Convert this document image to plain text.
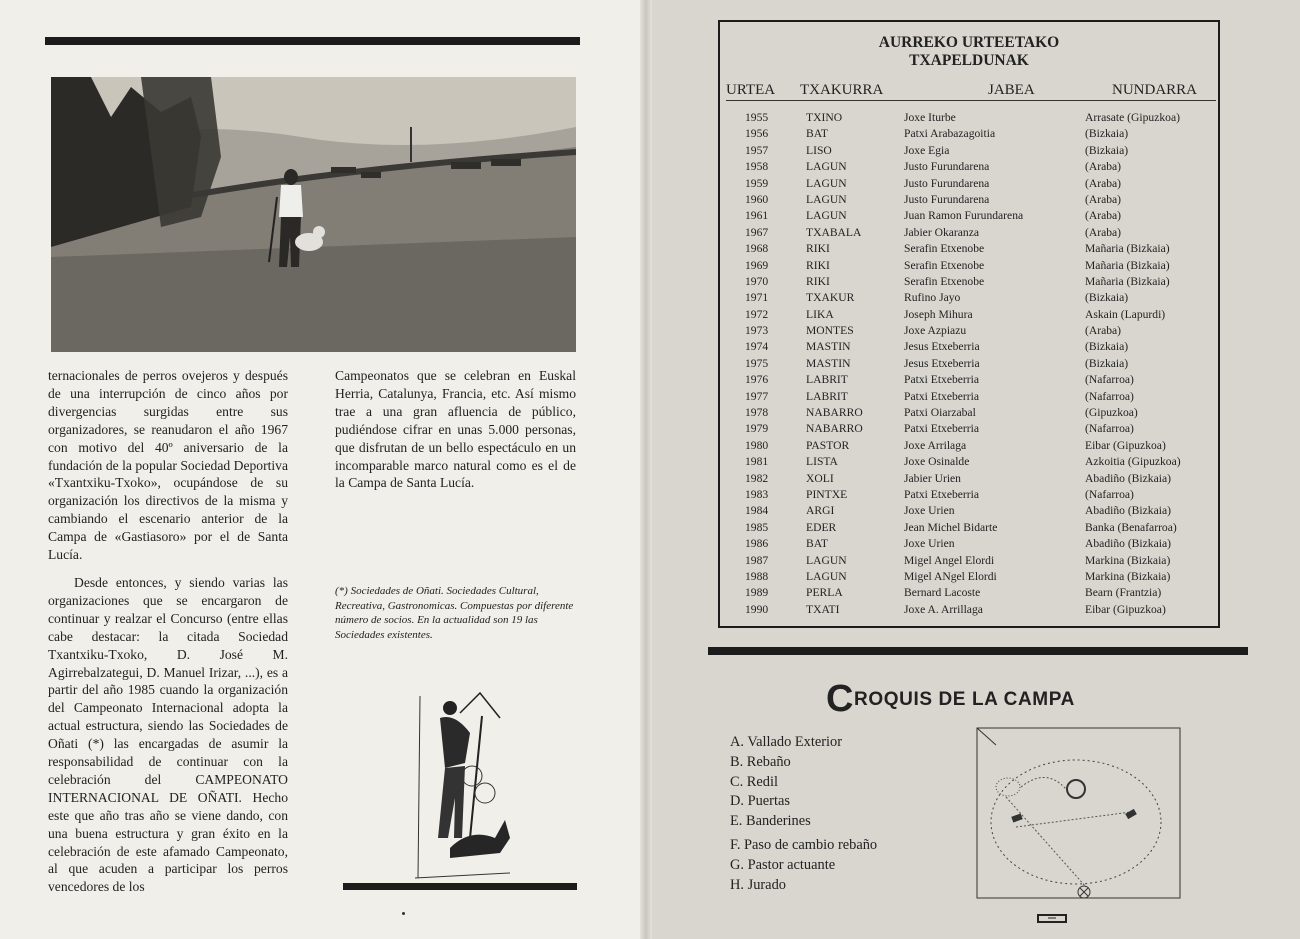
ternacionales de perros ovejeros y después de una interrupción de cinco años por divergencias surgidas entre sus organizadores, se reanudaron el año 1967 con motivo del 40º aniversario de la fundación de la popular Sociedad Deportiva «Txantxiku-Txoko», ocupándose de su organización los directivos de la misma y cambiando el escenario anterior de la Campa de «Gastiasoro» por el de Santa Lucía.

Desde entonces, y siendo varias las organizaciones que se encargaron de continuar y realzar el Concurso (entre ellas cabe destacar: la citada Sociedad Txantxiku-Txoko, D. José M. Agirrebalzategui, D. Manuel Irizar, ...), es a partir del año 1985 cuando la organización del Campeonato Internacional adopta la actual estructura, siendo las Sociedades de Oñati (*) las encargadas de asumir la responsabilidad de continuar con la celebración del CAMPEONATO INTERNACIONAL DE OÑATI. Hecho este que año tras año se viene dando, con una buena estructura y gran éxito en la celebración de este afamado Campeonato, al que acuden a participar los perros vencedores de los

Campeonatos que se celebran en Euskal Herria, Catalunya, Francia, etc. Así mismo trae a una gran afluencia de público, pudiéndose cifrar en unas 5.000 personas, que disfrutan de un bello espectáculo en un incomparable marco natural como es el de la Campa de Santa Lucía.

(*) Sociedades de Oñati. Sociedades Cultural, Recreativa, Gastronomicas. Compuestas por diferente número de socios. En la actualidad son 19 las Sociedades existentes.
AURREKO URTEETAKO
TXAPELDUNAK
URTEA TXAKURRA	JABEA	NUNDARRA
1955	TXINO	Joxe Iturbe	Arrasate (Gipuzkoa)
1956	BAT	Patxi Arabazagoitia	(Bizkaia)
1957	LISO	Joxe Egia	(Bizkaia)
1958	LAGUN	Justo Furundarena	(Araba)
1959	LAGUN	Justo Furundarena	(Araba)
1960	LAGUN	Justo Furundarena	(Araba)
1961	LAGUN	Juan Ramon Furundarena	(Araba)
1967	TXABALA	Jabier Okaranza	(Araba)
1968	RIKI	Serafin Etxenobe	Mañaria (Bizkaia)
1969	RIKI	Serafin Etxenobe	Mañaria (Bizkaia)
1970	RIKI	Serafin Etxenobe	Mañaria (Bizkaia)
1971	TXAKUR	Rufino Jayo	(Bizkaia)
1972	LIKA	Joseph Mihura	Askain (Lapurdi)
1973	MONTES	Joxe Azpiazu	(Araba)
1974	MASTIN	Jesus Etxeberria	(Bizkaia)
1975	MASTIN	Jesus Etxeberria	(Bizkaia)
1976	LABRIT	Patxi Etxeberria	(Nafarroa)
1977	LABRIT	Patxi Etxeberria	(Nafarroa)
1978	NABARRO	Patxi Oiarzabal	(Gipuzkoa)
1979	NABARRO	Patxi Etxeberria	(Nafarroa)
1980	PASTOR	Joxe Arrilaga	Eibar (Gipuzkoa)
1981	LISTA	Joxe Osinalde	Azkoitia (Gipuzkoa)
1982	XOLI	Jabier Urien	Abadiño (Bizkaia)
1983	PINTXE	Patxi Etxeberria	(Nafarroa)
1984	ARGI	Joxe Urien	Abadiño (Bizkaia)
1985	EDER	Jean Michel Bidarte	Banka (Benafarroa)
1986	BAT	Joxe Urien	Abadiño (Bizkaia)
1987	LAGUN	Migel Angel Elordi	Markina (Bizkaia)
1988	LAGUN	Migel ANgel Elordi	Markina (Bizkaia)
1989	PERLA	Bernard Lacoste	Bearn (Frantzia)
1990	TXATI	Joxe A. Arrillaga	Eibar (Gipuzkoa)
CROQUIS DE LA CAMPA
A. Vallado Exterior
B. Rebaño
C. Redil
D. Puertas
E. Banderines
F. Paso de cambio rebaño
G. Pastor actuante
H. Jurado
